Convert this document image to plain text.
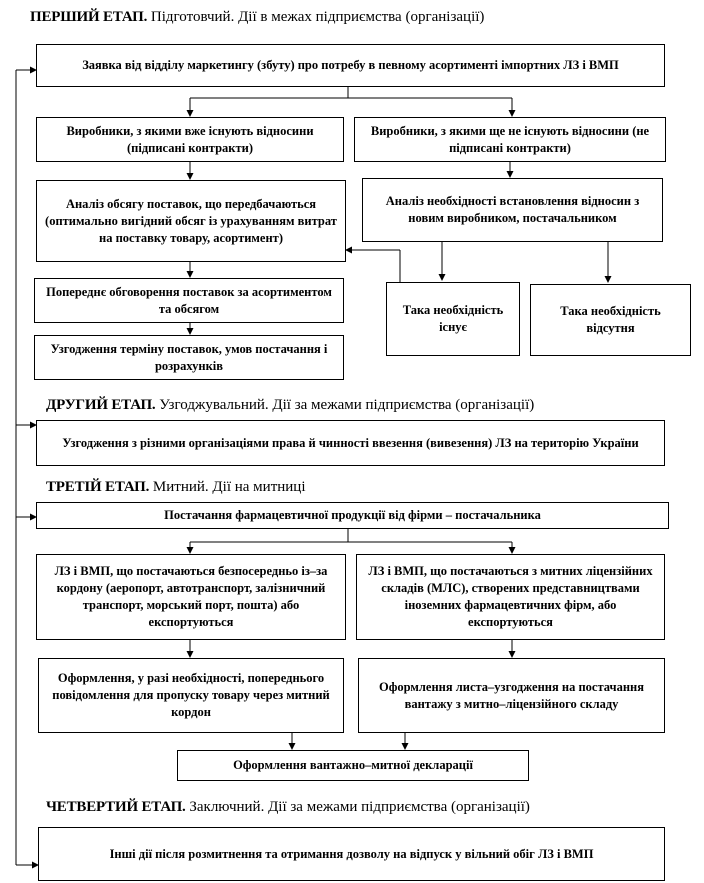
ПЕРШИЙ ЕТАП. Підготовчий. Дії в межах підприємства (організації)
ДРУГИЙ ЕТАП. Узгоджувальний. Дії за межами підприємства (організації)
ТРЕТІЙ ЕТАП. Митний. Дії на митниці
ЧЕТВЕРТИЙ ЕТАП. Заключний. Дії за межами підприємства (організації)
Заявка від відділу маркетингу (збуту) про потребу в певному асортименті імпортних ЛЗ і ВМП
Виробники, з якими вже існують відносини (підписані контракти)
Виробники, з якими ще не існують відносини (не підписані контракти)
Аналіз обсягу поставок, що передбачаються (оптимально вигідний обсяг із урахуванням витрат на поставку товару, асортимент)
Аналіз необхідності встановлення відносин з новим виробником, постачальником
Така необхідність існує
Така необхідність відсутня
Попереднє обговорення поставок за асортиментом та обсягом
Узгодження терміну поставок, умов постачання і розрахунків
Узгодження з різними організаціями права й чинності ввезення (вивезення) ЛЗ на територію України
Постачання фармацевтичної продукції від фірми – постачальника
ЛЗ і ВМП, що постачаються безпосередньо із–за кордону (аеропорт, автотранспорт, залізничний транспорт, морський порт, пошта) або експортуються
ЛЗ і ВМП, що постачаються з митних ліцензійних складів (МЛС), створених представництвами іноземних фармацевтичних фірм, або експортуються
Оформлення, у разі необхідності, попереднього повідомлення для пропуску товару через митний кордон
Оформлення листа–узгодження на постачання вантажу з митно–ліцензійного складу
Оформлення вантажно–митної декларації
Інші дії після розмитнення та отримання дозволу на відпуск у вільний обіг ЛЗ і ВМП
